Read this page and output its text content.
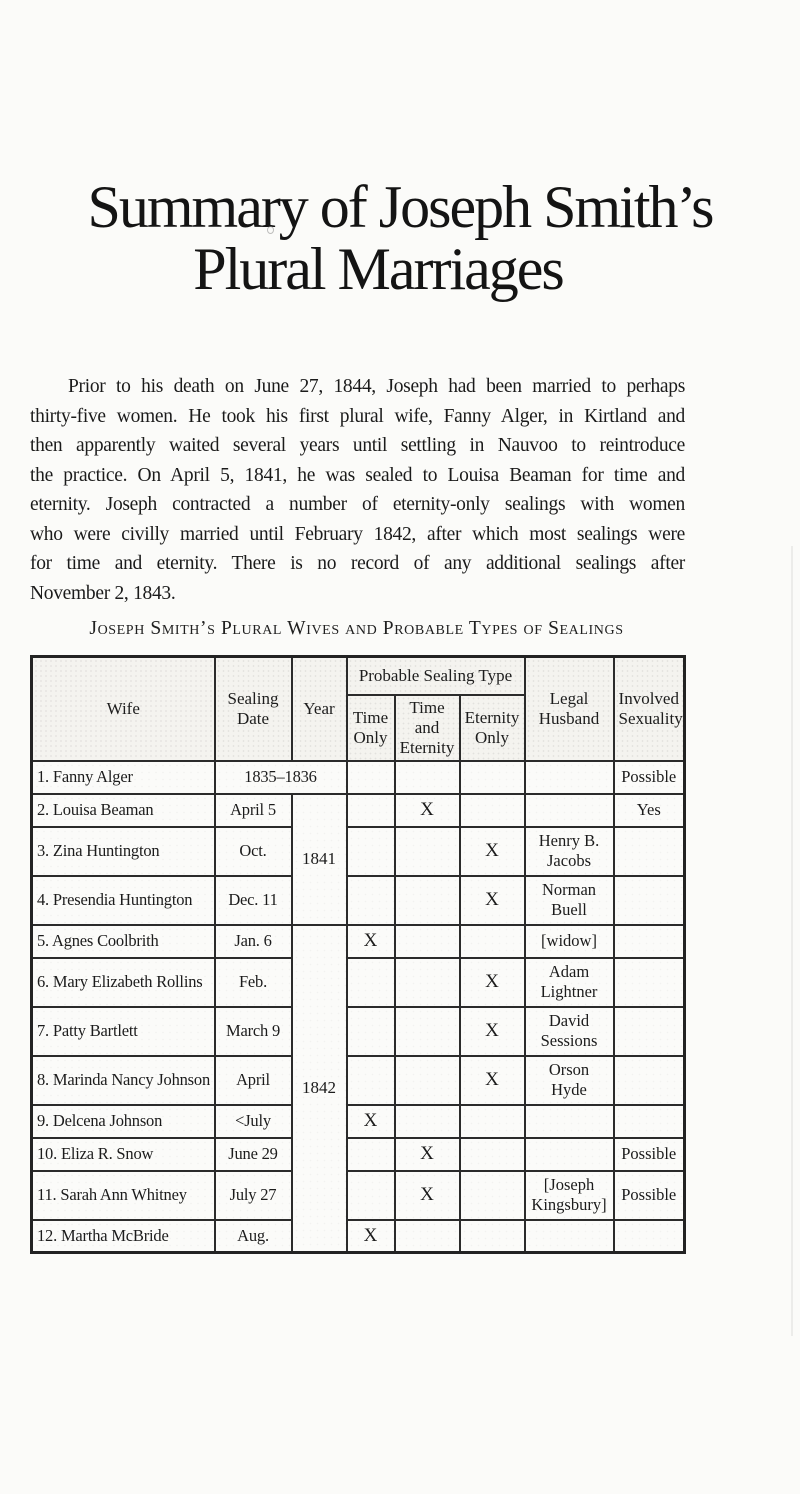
Summary of Joseph Smith’s
Plural Marriages
Prior to his death on June 27, 1844, Joseph had been married to perhaps
thirty-five women. He took his first plural wife, Fanny Alger, in Kirtland and
then apparently waited several years until settling in Nauvoo to reintroduce
the practice. On April 5, 1841, he was sealed to Louisa Beaman for time and
eternity. Joseph contracted a number of eternity-only sealings with women
who were civilly married until February 1842, after which most sealings were
for time and eternity. There is no record of any additional sealings after
November 2, 1843.
Joseph Smith’s Plural Wives and Probable Types of Sealings
Wife	Sealing Date	Year	Probable Sealing Type			Legal Husband	Involved Sexuality
			Time Only	Time and Eternity	Eternity Only		
1. Fanny Alger	1835–1836						Possible
2. Louisa Beaman	April 5	1841		X			Yes
3. Zina Huntington	Oct.				X	Henry B. Jacobs	
4. Presendia Huntington	Dec. 11				X	Norman Buell	
5. Agnes Coolbrith	Jan. 6	1842	X			[widow]	
6. Mary Elizabeth Rollins	Feb.				X	Adam Lightner	
7. Patty Bartlett	March 9				X	David Sessions	
8. Marinda Nancy Johnson	April				X	Orson Hyde	
9. Delcena Johnson	<July		X				
10. Eliza R. Snow	June 29			X			Possible
11. Sarah Ann Whitney	July 27			X		[Joseph Kingsbury]	Possible
12. Martha McBride	Aug.		X				
